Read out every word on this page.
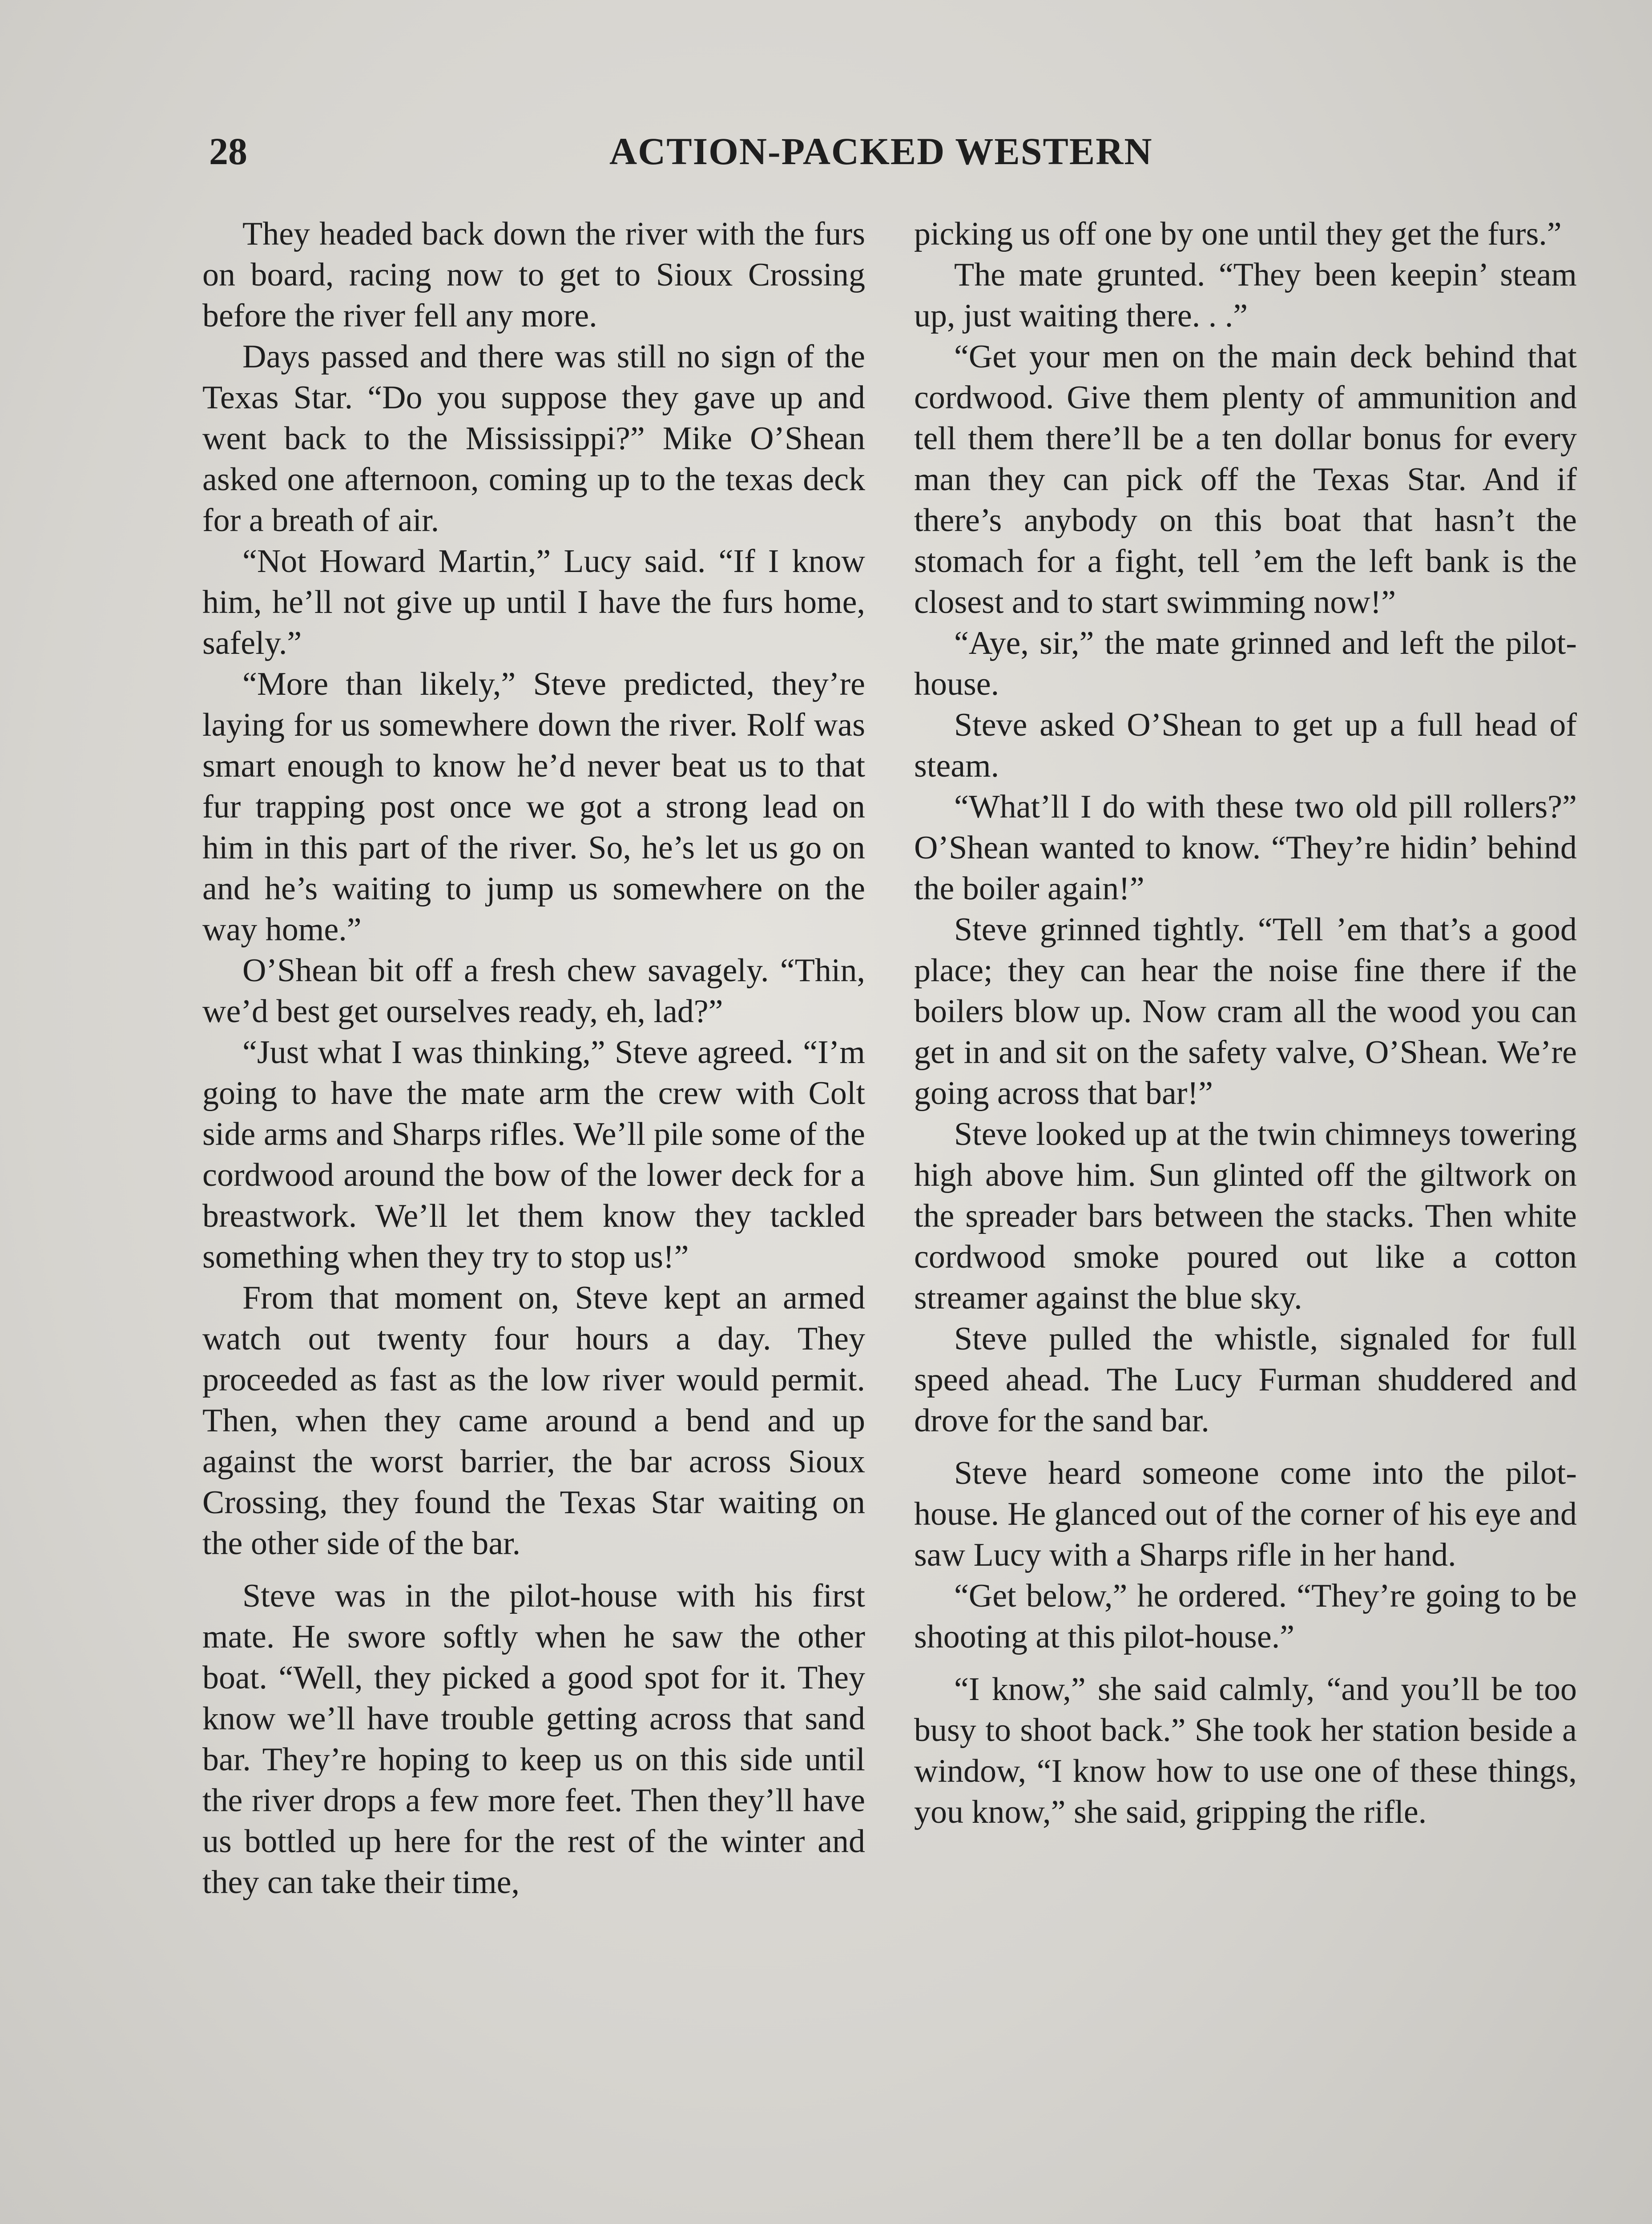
28	ACTION-PACKED WESTERN

They headed back down the river with the furs on board, racing now to get to Sioux Crossing before the river fell any more.

Days passed and there was still no sign of the Texas Star. “Do you suppose they gave up and went back to the Mississippi?” Mike O’Shean asked one afternoon, coming up to the texas deck for a breath of air.

“Not Howard Martin,” Lucy said. “If I know him, he’ll not give up until I have the furs home, safely.”

“More than likely,” Steve predicted, they’re laying for us somewhere down the river. Rolf was smart enough to know he’d never beat us to that fur trapping post once we got a strong lead on him in this part of the river. So, he’s let us go on and he’s waiting to jump us somewhere on the way home.”

O’Shean bit off a fresh chew savagely. “Thin, we’d best get ourselves ready, eh, lad?”

“Just what I was thinking,” Steve agreed. “I’m going to have the mate arm the crew with Colt side arms and Sharps rifles. We’ll pile some of the cordwood around the bow of the lower deck for a breastwork. We’ll let them know they tackled something when they try to stop us!”

From that moment on, Steve kept an armed watch out twenty four hours a day. They proceeded as fast as the low river would permit. Then, when they came around a bend and up against the worst barrier, the bar across Sioux Crossing, they found the Texas Star waiting on the other side of the bar.

Steve was in the pilot-house with his first mate. He swore softly when he saw the other boat. “Well, they picked a good spot for it. They know we’ll have trouble getting across that sand bar. They’re hoping to keep us on this side until the river drops a few more feet. Then they’ll have us bottled up here for the rest of the winter and they can take their time,

picking us off one by one until they get the furs.”

The mate grunted. “They been keepin’ steam up, just waiting there. . .”

“Get your men on the main deck behind that cordwood. Give them plenty of ammunition and tell them there’ll be a ten dollar bonus for every man they can pick off the Texas Star. And if there’s anybody on this boat that hasn’t the stomach for a fight, tell ’em the left bank is the closest and to start swimming now!”

“Aye, sir,” the mate grinned and left the pilot-house.

Steve asked O’Shean to get up a full head of steam.

“What’ll I do with these two old pill rollers?” O’Shean wanted to know. “They’re hidin’ behind the boiler again!”

Steve grinned tightly. “Tell ’em that’s a good place; they can hear the noise fine there if the boilers blow up. Now cram all the wood you can get in and sit on the safety valve, O’Shean. We’re going across that bar!”

Steve looked up at the twin chimneys towering high above him. Sun glinted off the giltwork on the spreader bars between the stacks. Then white cordwood smoke poured out like a cotton streamer against the blue sky.

Steve pulled the whistle, signaled for full speed ahead. The Lucy Furman shuddered and drove for the sand bar.

Steve heard someone come into the pilot-house. He glanced out of the corner of his eye and saw Lucy with a Sharps rifle in her hand.

“Get below,” he ordered. “They’re going to be shooting at this pilot-house.”

“I know,” she said calmly, “and you’ll be too busy to shoot back.” She took her station beside a window, “I know how to use one of these things, you know,” she said, gripping the rifle.
